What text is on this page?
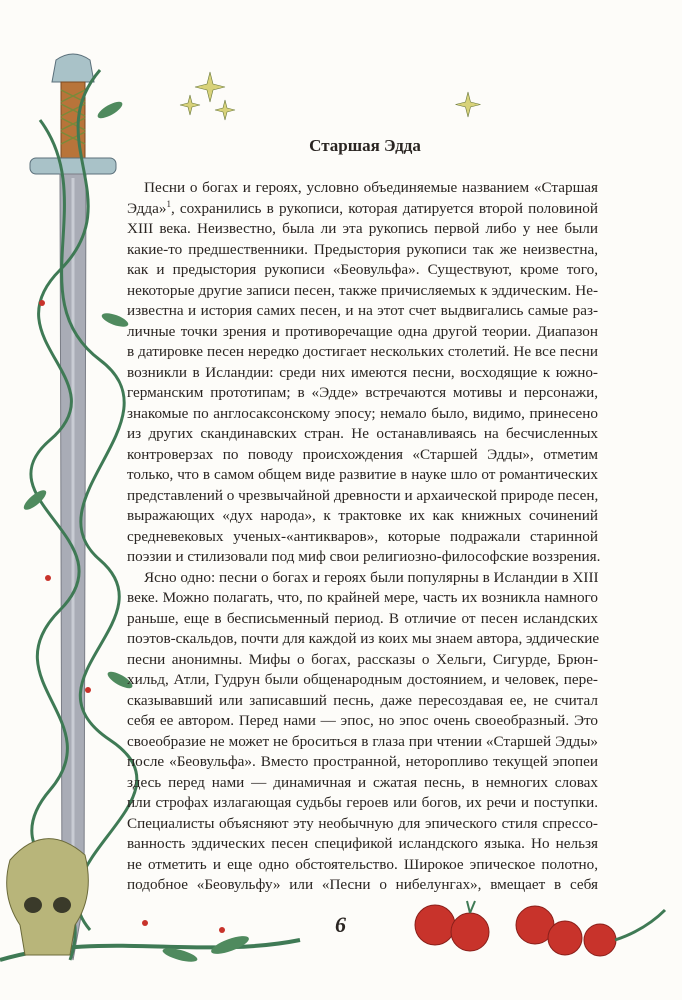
Старшая Эдда
Песни о богах и героях, условно объединяемые названием «Старшая
Эдда»$^1$, сохранились в рукописи, которая датируется второй половиной
XIII века. Неизвестно, была ли эта рукопись первой либо у нее были
какие-то предшественники. Предыстория рукописи так же неизвестна,
как и предыстория рукописи «Беовульфа». Существуют, кроме того,
некоторые другие записи песен, также причисляемых к эддическим. Не-
известна и история самих песен, и на этот счет выдвигались самые раз-
личные точки зрения и противоречащие одна другой теории. Диапазон
в датировке песен нередко достигает нескольких столетий. Не все песни
возникли в Исландии: среди них имеются песни, восходящие к южно-
германским прототипам; в «Эдде» встречаются мотивы и персонажи,
знакомые по англосаксонскому эпосу; немало было, видимо, принесено
из других скандинавских стран. Не останавливаясь на бесчисленных
контроверзах по поводу происхождения «Старшей Эдды», отметим
только, что в самом общем виде развитие в науке шло от романтических
представлений о чрезвычайной древности и архаической природе песен,
выражающих «дух народа», к трактовке их как книжных сочинений
средневековых ученых-«антикваров», которые подражали старинной
поэзии и стилизовали под миф свои религиозно-философские воззрения.
Ясно одно: песни о богах и героях были популярны в Исландии в XIII
веке. Можно полагать, что, по крайней мере, часть их возникла намного
раньше, еще в бесписьменный период. В отличие от песен исландских
поэтов-скальдов, почти для каждой из коих мы знаем автора, эддические
песни анонимны. Мифы о богах, рассказы о Хельги, Сигурде, Брюн-
хильд, Атли, Гудрун были общенародным достоянием, и человек, пере-
сказывавший или записавший песнь, даже пересоздавая ее, не считал
себя ее автором. Перед нами — эпос, но эпос очень своеобразный. Это
своеобразие не может не броситься в глаза при чтении «Старшей Эдды»
после «Беовульфа». Вместо пространной, неторопливо текущей эпопеи
здесь перед нами — динамичная и сжатая песнь, в немногих словах
или строфах излагающая судьбы героев или богов, их речи и поступки.
Специалисты объясняют эту необычную для эпического стиля спрессо-
ванность эддических песен спецификой исландского языка. Но нельзя
не отметить и еще одно обстоятельство. Широкое эпическое полотно,
подобное «Беовульфу» или «Песни о нибелунгах», вмещает в себя
6
